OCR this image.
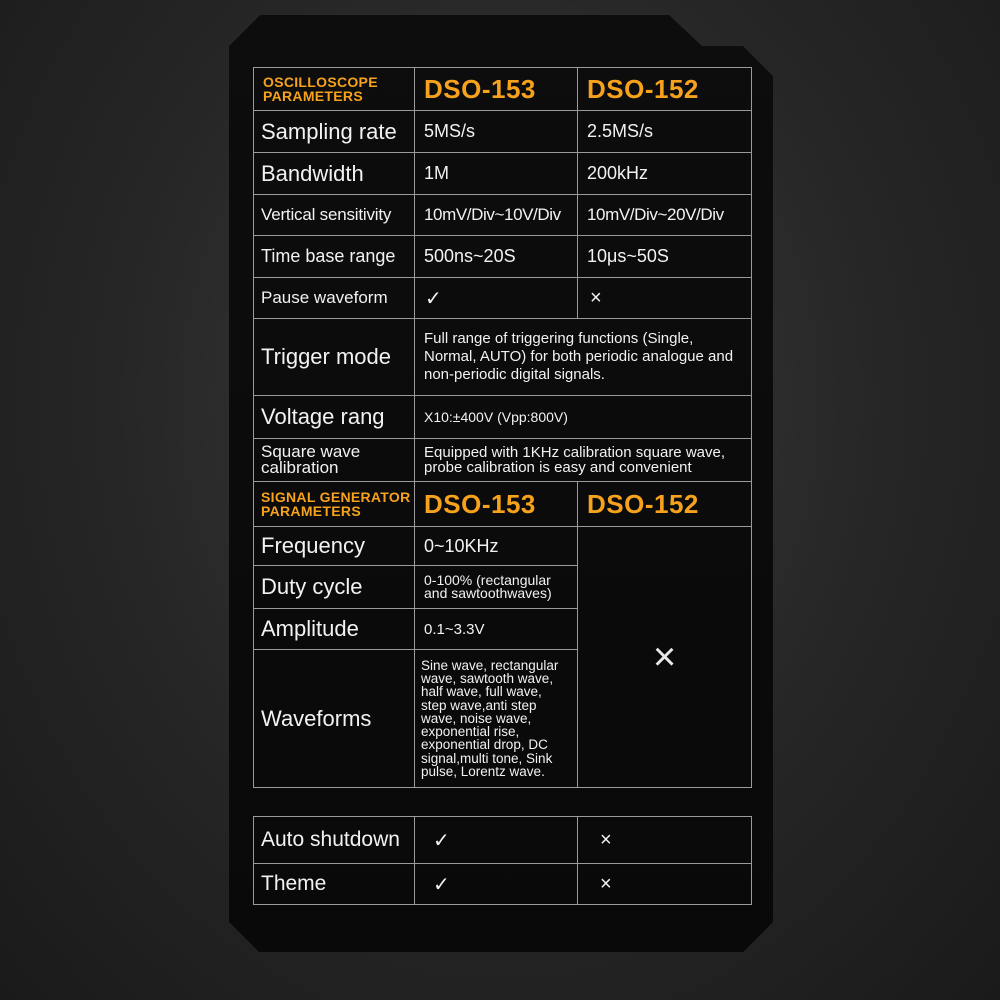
OSCILLOSCOPE
PARAMETERS	DSO-153	DSO-152
Sampling rate	5MS/s	2.5MS/s
Bandwidth	1M	200kHz
Vertical sensitivity	10mV/Div~10V/Div	10mV/Div~20V/Div
Time base range	500ns~20S	10μs~50S
Pause waveform	✓	×
Trigger mode	Full range of triggering functions (Single, Normal, AUTO) for both periodic analogue and non-periodic digital signals.	
Voltage rang	X10:±400V (Vpp:800V)	
Square wave calibration	Equipped with 1KHz calibration square wave, probe calibration is easy and convenient	
SIGNAL GENERATOR
PARAMETERS	DSO-153	DSO-152
Frequency	0~10KHz	×
Duty cycle	0-100% (rectangular and sawtoothwaves)	
Amplitude	0.1~3.3V	
Waveforms	Sine wave, rectangular wave, sawtooth wave, half wave, full wave, step wave,anti step wave, noise wave, exponential rise, exponential drop, DC signal,multi tone, Sink pulse, Lorentz wave.	
Auto shutdown	✓	×
Theme	✓	×
